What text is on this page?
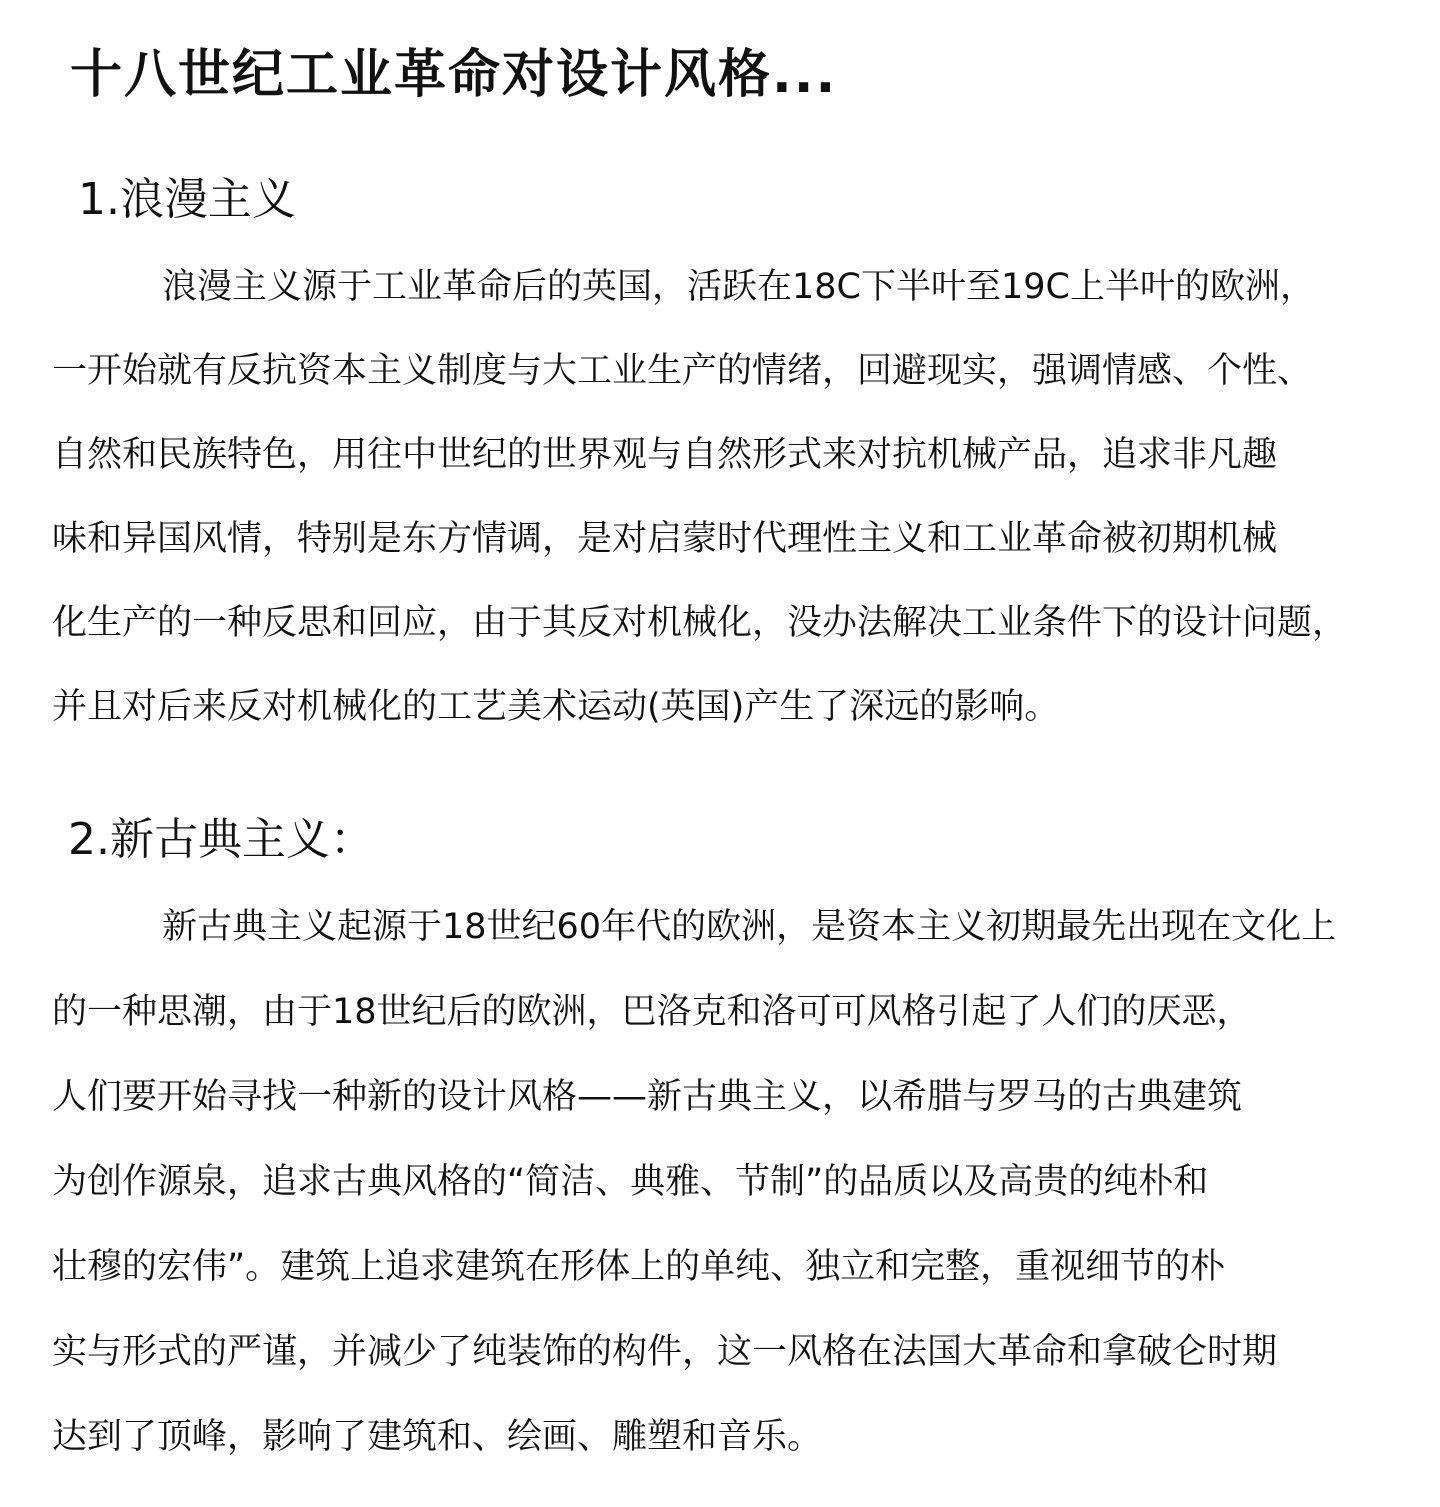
十八世纪工业革命对设计风格...
1.浪漫主义
浪漫主义源于工业革命后的英国，活跃在18C下半叶至19C上半叶的欧洲，
一开始就有反抗资本主义制度与大工业生产的情绪，回避现实，强调情感、个性、
自然和民族特色，用往中世纪的世界观与自然形式来对抗机械产品，追求非凡趣
味和异国风情，特别是东方情调，是对启蒙时代理性主义和工业革命被初期机械
化生产的一种反思和回应，由于其反对机械化，没办法解决工业条件下的设计问题，
并且对后来反对机械化的工艺美术运动(英国)产生了深远的影响。
2.新古典主义：
新古典主义起源于18世纪60年代的欧洲，是资本主义初期最先出现在文化上
的一种思潮，由于18世纪后的欧洲，巴洛克和洛可可风格引起了人们的厌恶，
人们要开始寻找一种新的设计风格——新古典主义，以希腊与罗马的古典建筑
为创作源泉，追求古典风格的“简洁、典雅、节制”的品质以及高贵的纯朴和
壮穆的宏伟”。建筑上追求建筑在形体上的单纯、独立和完整，重视细节的朴
实与形式的严谨，并减少了纯装饰的构件，这一风格在法国大革命和拿破仑时期
达到了顶峰，影响了建筑和、绘画、雕塑和音乐。
